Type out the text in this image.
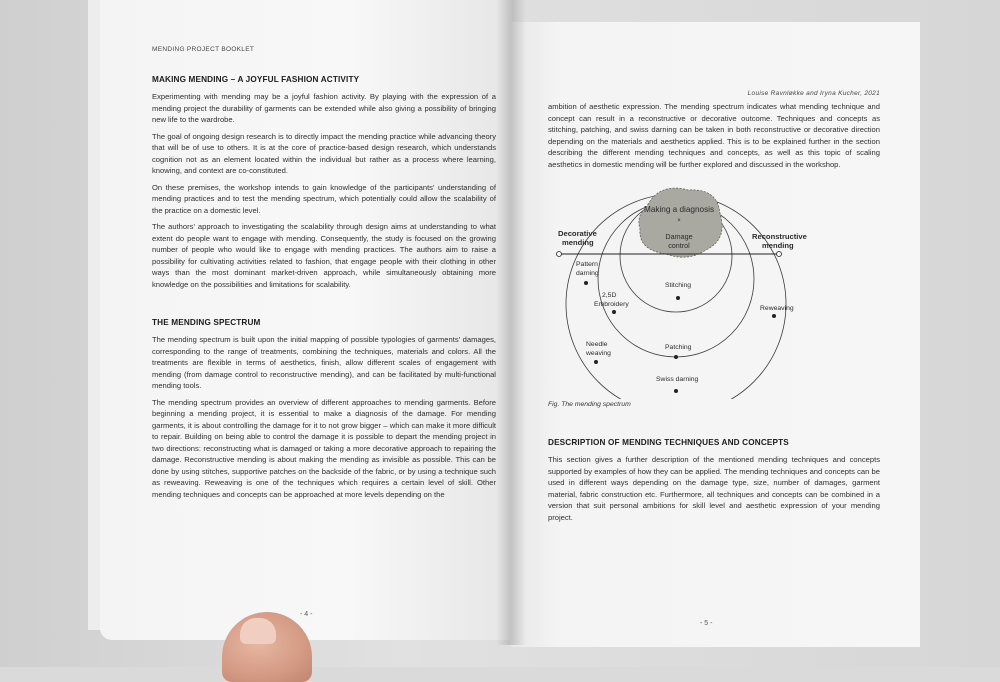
MENDING PROJECT BOOKLET
MAKING MENDING – A JOYFUL FASHION ACTIVITY

Experimenting with mending may be a joyful fashion activity. By playing with the expression of a mending project the durability of garments can be extended while also giving a possibility of bringing new life to the wardrobe.

The goal of ongoing design research is to directly impact the mending practice while advancing theory that will be of use to others. It is at the core of practice-based design research, which understands cognition not as an element located within the individual but rather as a process where learning, knowing, and context are co-constituted.

On these premises, the workshop intends to gain knowledge of the participants' understanding of mending practices and to test the mending spectrum, which potentially could allow the scalability of the practice on a domestic level.

The authors' approach to investigating the scalability through design aims at understanding to what extent do people want to engage with mending. Consequently, the study is focused on the growing number of people who would like to engage with mending practices. The authors aim to raise a possibility for cultivating activities related to fashion, that engage people with their clothing in other ways than the most dominant market-driven approach, while simultaneously obtaining more knowledge on the possibilities and limitations for scalability.

THE MENDING SPECTRUM

The mending spectrum is built upon the initial mapping of possible typologies of garments' damages, corresponding to the range of treatments, combining the techniques, materials and colors. All the treatments are flexible in terms of aesthetics, finish, allow different scales of engagement with mending (from damage control to reconstructive mending), and can be facilitated by multi-functional mending tools.

The mending spectrum provides an overview of different approaches to mending garments. Before beginning a mending project, it is essential to make a diagnosis of the damage. For mending garments, it is about controlling the damage for it to not grow bigger – which can make it more difficult to repair. Building on being able to control the damage it is possible to depart the mending project in two directions: reconstructing what is damaged or taking a more decorative approach to repairing the damage. Reconstructive mending is about making the mending as invisible as possible. This can be done by using stitches, supportive patches on the backside of the fabric, or by using a technique such as reweaving. Reweaving is one of the techniques which requires a certain level of skill. Other mending techniques and concepts can be approached at more levels depending on the

- 4 -
Louise Ravnløkke and Iryna Kucher, 2021

ambition of aesthetic expression. The mending spectrum indicates what mending technique and concept can result in a reconstructive or decorative outcome. Techniques and concepts as stitching, patching, and swiss darning can be taken in both reconstructive or decorative direction depending on the materials and aesthetics applied. This is to be explained further in the section describing the different mending techniques and concepts, as well as this topic of scaling aesthetics in domestic mending will be further explored and discussed in the workshop.

Making a diagnosis
×
Damage
control
Decorative
mending
Reconstructive
mending
Pattern
darning
2,5D
Embroidery
Stitching
Reweaving
Needle
weaving
Patching
Swiss darning
Fig. The mending spectrum
DESCRIPTION OF MENDING TECHNIQUES AND CONCEPTS

This section gives a further description of the mentioned mending techniques and concepts supported by examples of how they can be applied. The mending techniques and concepts can be used in different ways depending on the damage type, size, number of damages, garment material, fabric construction etc. Furthermore, all techniques and concepts can be combined in a version that suit personal ambitions for skill level and aesthetic expression of your mending project.

- 5 -
